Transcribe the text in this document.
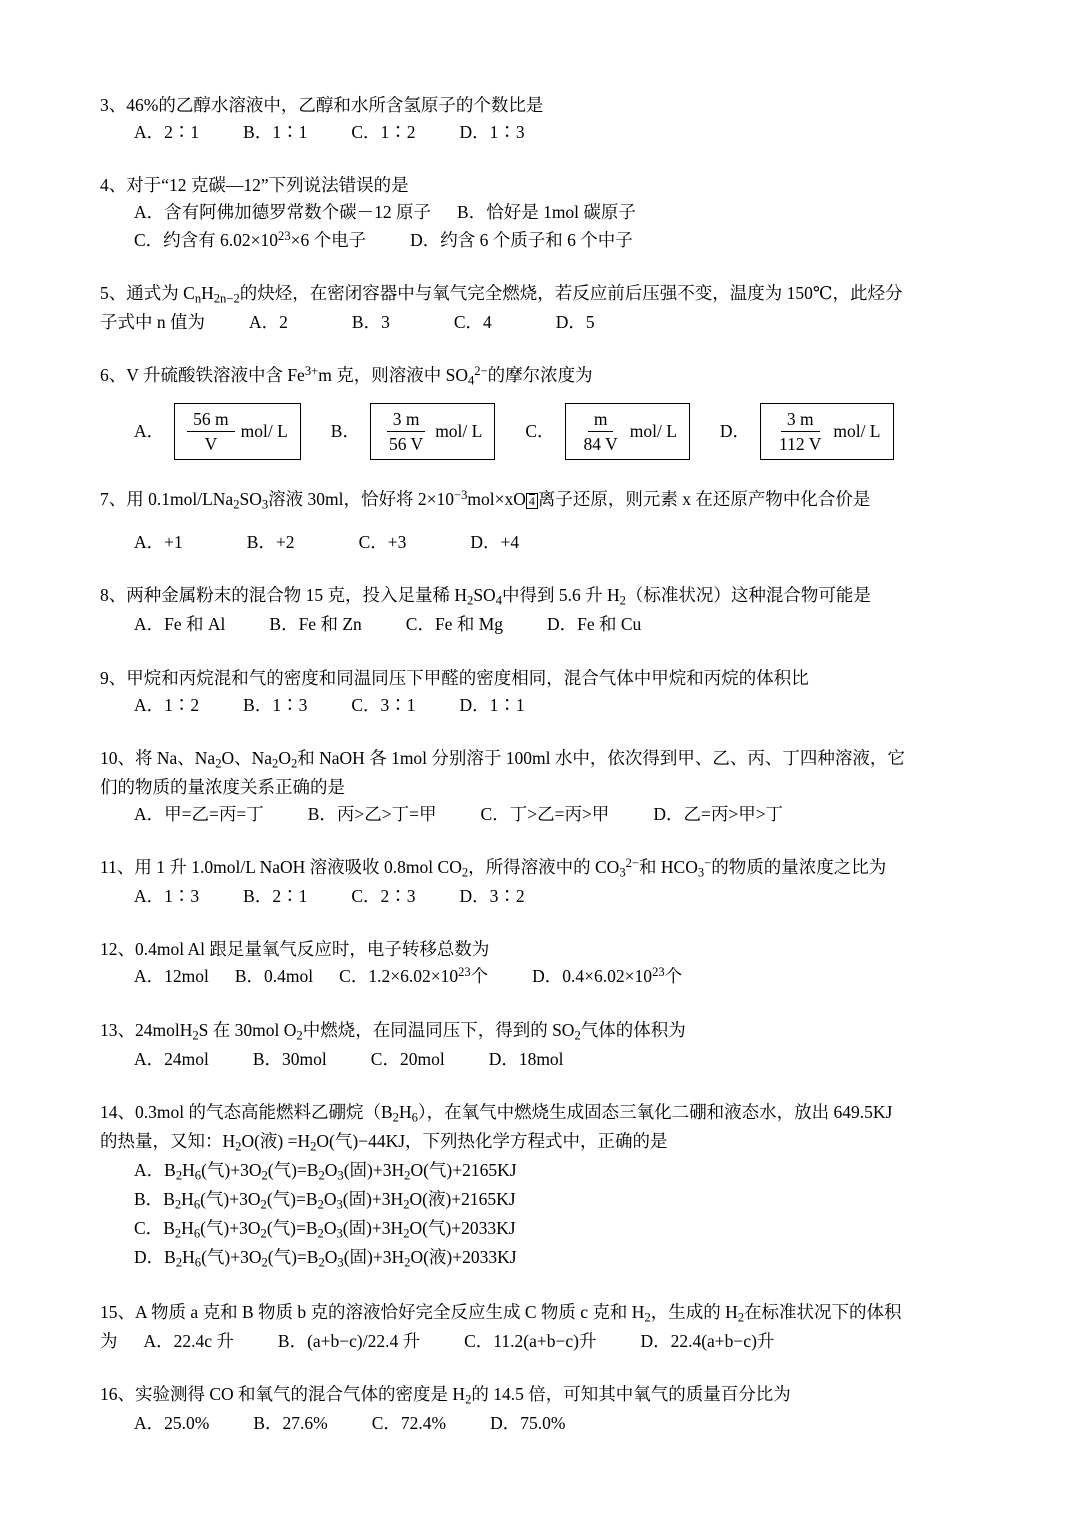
3、46%的乙醇水溶液中，乙醇和水所含氢原子的个数比是
A．2∶1	B．1∶1	C．1∶2	D．1∶3
4、对于“12 克碳—12”下列说法错误的是
A．含有阿佛加德罗常数个碳－12 原子 B．恰好是 1mol 碳原子
C．约含有 $6.02\times 10^{23}\times 6$ 个电子	D．约含 6 个质子和 6 个中子
5、通式为 $C_nH_{2n-2}$的炔烃，在密闭容器中与氧气完全燃烧，若反应前后压强不变，温度为 150℃，此烃分
子式中 n 值为	A．2	B．3	C．4	D．5
6、V 升硫酸铁溶液中含 $Fe^{3+}m$ 克，则溶液中 $SO_4^{2-}$的摩尔浓度为
A． $\frac{56 m}{V} mol/$ L B． $\frac{3 m}{56 V} mol/$ L C． $\frac{m}{84 V} mol/$ L D． $\frac{3 m}{112 V} mol/$ L
7、用 $0.1mol/LNa_2SO_3$溶液 30ml，恰好将 $2\times 10^{-3}mol\times xO$ 4 离子还原，则元素 x 在还原产物中化合价是
A．+1	B．+2	C．+3	D．+4
8、两种金属粉末的混合物 15 克，投入足量稀 $H_2SO_4$中得到 5.6 升 $H_2$（标准状况）这种混合物可能是
A．Fe 和 Al	B．Fe 和 Zn	C．Fe 和 Mg	D．Fe 和 Cu
9、甲烷和丙烷混和气的密度和同温同压下甲醛的密度相同，混合气体中甲烷和丙烷的体积比
A．1∶2	B．1∶3	C．3∶1	D．1∶1
10、将 Na、$Na_2O$、$Na_2O_2$和 NaOH 各 1mol 分别溶于 100ml 水中，依次得到甲、乙、丙、丁四种溶液，它
们的物质的量浓度关系正确的是
A．甲=乙=丙=丁	B．丙>乙>丁=甲	C．丁>乙=丙>甲	D．乙=丙>甲>丁
11、用 1 升 1.0mol/L NaOH 溶液吸收 0.8mol $CO_2$，所得溶液中的 $CO_3^{2-}$和 $HCO_3^-$的物质的量浓度之比为
A．1∶3	B．2∶1	C．2∶3	D．3∶2
12、0.4mol Al 跟足量氧气反应时，电子转移总数为
A．12mol B．0.4mol C．$1.2\times 6.02\times 10^{23}$个	D．$0.4\times 6.02\times 10^{23}$个
13、24molH$_2$S 在 30mol $O_2$中燃烧，在同温同压下，得到的 $SO_2$气体的体积为
A．24mol	B．30mol	C．20mol	D．18mol
14、0.3mol 的气态高能燃料乙硼烷$(B_2H_6)$，在氧气中燃烧生成固态三氧化二硼和液态水，放出 649.5KJ
的热量，又知：$H_2O$(液) $=H_2O$(气)−44KJ，下列热化学方程式中，正确的是
A．$B_2H_6$(气)$+3O_2$(气)$=B_2O_3$(固)$+3H_2O$(气)+2165KJ
B．$B_2H_6$(气)$+3O_2$(气)$=B_2O_3$(固)$+3H_2O$(液)+2165KJ
C．$B_2H_6$(气)$+3O_2$(气)$=B_2O_3$(固)$+3H_2O$(气)+2033KJ
D．$B_2H_6$(气)$+3O_2$(气)$=B_2O_3$(固)$+3H_2O$(液)+2033KJ
15、A 物质 a 克和 B 物质 b 克的溶液恰好完全反应生成 C 物质 c 克和 $H_2$，生成的 $H_2$在标准状况下的体积
为 A．22.4c 升	B．(a+b−c)/22.4 升	C．11.2(a+b−c)升	D．22.4(a+b−c)升
16、实验测得 CO 和氧气的混合气体的密度是 $H_2$的 14.5 倍，可知其中氧气的质量百分比为
A．25.0%	B．27.6%	C．72.4%	D．75.0%
